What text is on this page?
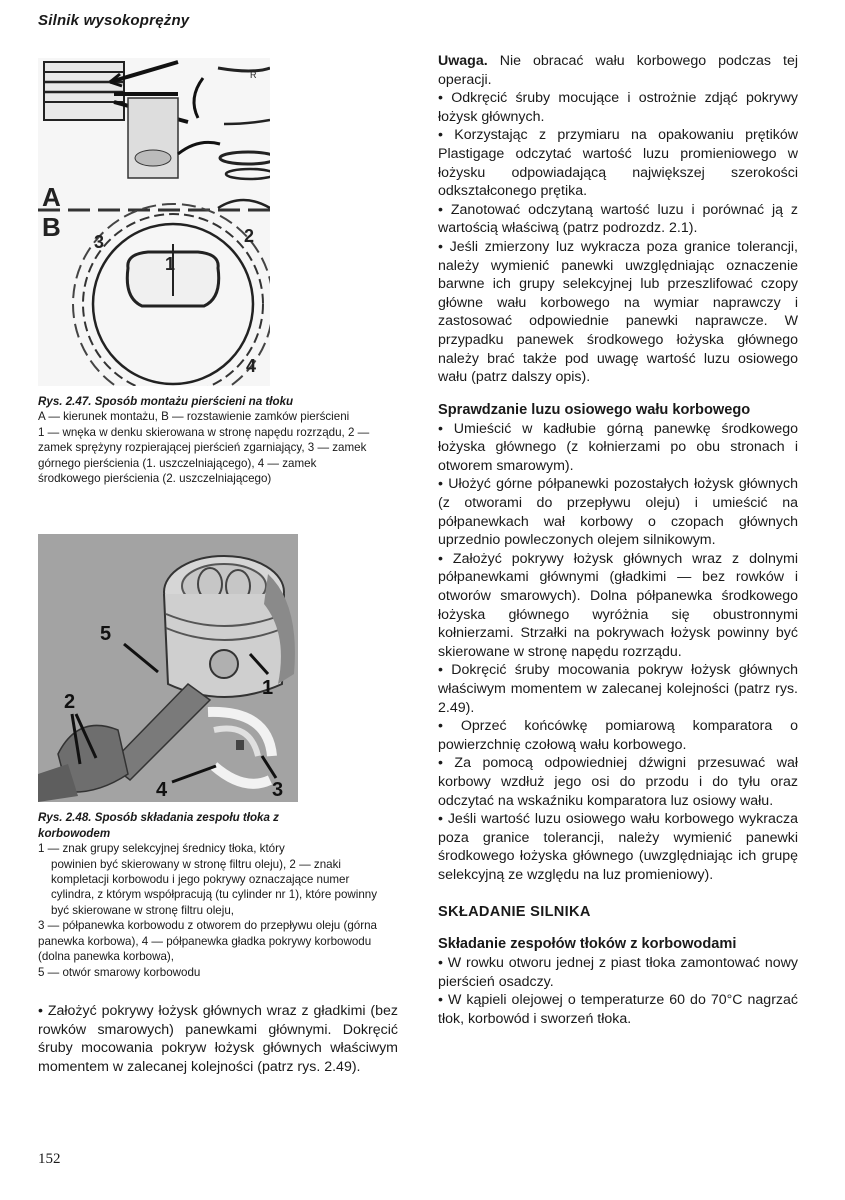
Silnik wysokoprężny
R
A
B
1
3	2
4
Rys. 2.47. Sposób montażu pierścieni na tłoku
A — kierunek montażu, B — rozstawienie zamków pierścieni
1 — wnęka w denku skierowana w stronę napędu rozrządu, 2 — zamek sprężyny rozpierającej pierścień zgarniający, 3 — zamek górnego pierścienia (1. uszczelniającego), 4 — zamek środkowego pierścienia (2. uszczelniającego)
5
2
1
4	3
Rys. 2.48. Sposób składania zespołu tłoka z korbowodem
1 — znak grupy selekcyjnej średnicy tłoka, który
powinien być skierowany w stronę filtru oleju), 2 — znaki kompletacji korbowodu i jego pokrywy oznaczające numer cylindra, z którym współpracują (tu cylinder nr 1), które powinny być skierowane w stronę filtru oleju,
3 — półpanewka korbowodu z otworem do przepływu oleju (górna panewka korbowa), 4 — półpanewka gładka pokrywy korbowodu (dolna panewka korbowa),
5 — otwór smarowy korbowodu
• Założyć pokrywy łożysk głównych wraz z gładkimi (bez rowków smarowych) panewkami głównymi. Dokręcić śruby mocowania pokryw łożysk głównych właściwym momentem w zalecanej kolejności (patrz rys. 2.49).
Uwaga. Nie obracać wału korbowego podczas tej operacji.
• Odkręcić śruby mocujące i ostrożnie zdjąć pokrywy łożysk głównych.
• Korzystając z przymiaru na opakowaniu prętików Plastigage odczytać wartość luzu promieniowego w łożysku odpowiadającą największej szerokości odkształconego prętika.
• Zanotować odczytaną wartość luzu i porównać ją z wartością właściwą (patrz podrozdz. 2.1).
• Jeśli zmierzony luz wykracza poza granice tolerancji, należy wymienić panewki uwzględniając oznaczenie barwne ich grupy selekcyjnej lub przeszlifować czopy główne wału korbowego na wymiar naprawczy i zastosować odpowiednie panewki naprawcze. W przypadku panewek środkowego łożyska głównego należy brać także pod uwagę wartość luzu osiowego wału (patrz dalszy opis).
Sprawdzanie luzu osiowego wału korbowego
• Umieścić w kadłubie górną panewkę środkowego łożyska głównego (z kołnierzami po obu stronach i otworem smarowym).
• Ułożyć górne półpanewki pozostałych łożysk głównych (z otworami do przepływu oleju) i umieścić na półpanewkach wał korbowy o czopach głównych uprzednio powleczonych olejem silnikowym.
• Założyć pokrywy łożysk głównych wraz z dolnymi półpanewkami głównymi (gładkimi — bez rowków i otworów smarowych). Dolna półpanewka środkowego łożyska głównego wyróżnia się obustronnymi kołnierzami. Strzałki na pokrywach łożysk powinny być skierowane w stronę napędu rozrządu.
• Dokręcić śruby mocowania pokryw łożysk głównych właściwym momentem w zalecanej kolejności (patrz rys. 2.49).
• Oprzeć końcówkę pomiarową komparatora o powierzchnię czołową wału korbowego.
• Za pomocą odpowiedniej dźwigni przesuwać wał korbowy wzdłuż jego osi do przodu i do tyłu oraz odczytać na wskaźniku komparatora luz osiowy wału.
• Jeśli wartość luzu osiowego wału korbowego wykracza poza granice tolerancji, należy wymienić panewki środkowego łożyska głównego (uwzględniając ich grupę selekcyjną ze względu na luz promieniowy).
SKŁADANIE SILNIKA
Składanie zespołów tłoków z korbowodami
• W rowku otworu jednej z piast tłoka zamontować nowy pierścień osadczy.
• W kąpieli olejowej o temperaturze 60 do 70°C nagrzać tłok, korbowód i sworzeń tłoka.
152
